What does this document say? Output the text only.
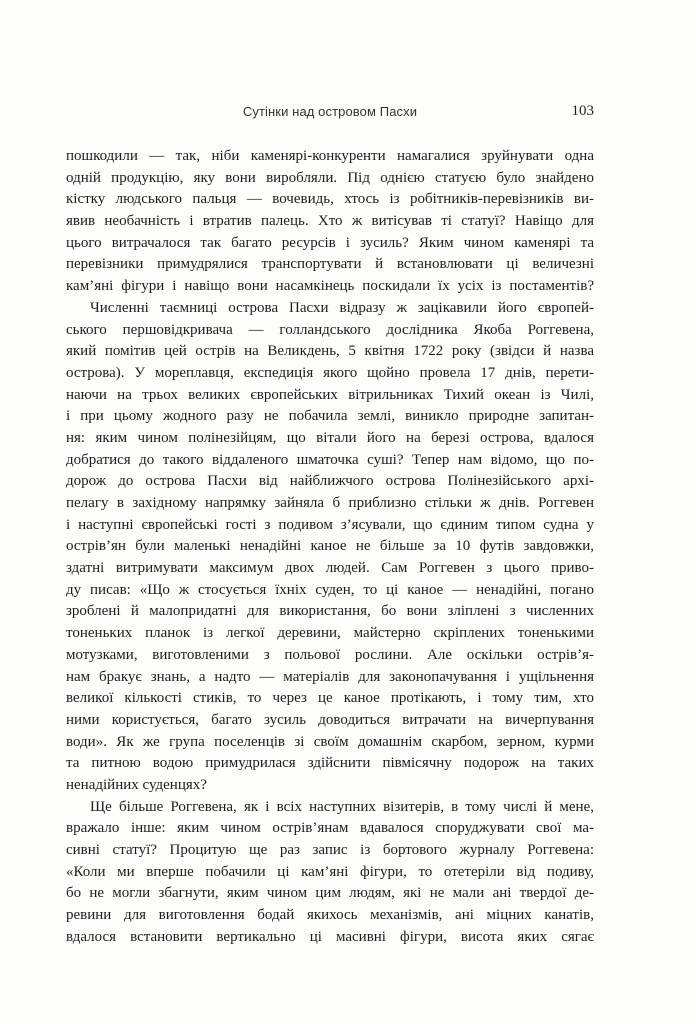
Сутінки над островом Пасхи	103
пошкодили — так, ніби каменярі-конкуренти намагалися зруйнувати одна
одній продукцію, яку вони виробляли. Під однією статуєю було знайдено
кістку людського пальця — вочевидь, хтось із робітників-перевізників ви-
явив необачність і втратив палець. Хто ж витісував ті статуї? Навіщо для
цього витрачалося так багато ресурсів і зусиль? Яким чином каменярі та
перевізники примудрялися транспортувати й встановлювати ці величезні
кам’яні фігури і навіщо вони насамкінець поскидали їх усіх із постаментів?
Численні таємниці острова Пасхи відразу ж зацікавили його європей-
ського першовідкривача — голландського дослідника Якоба Роггевена,
який помітив цей острів на Великдень, 5 квітня 1722 року (звідси й назва
острова). У мореплавця, експедиція якого щойно провела 17 днів, перети-
наючи на трьох великих європейських вітрильниках Тихий океан із Чилі,
і при цьому жодного разу не побачила землі, виникло природне запитан-
ня: яким чином полінезійцям, що вітали його на березі острова, вдалося
добратися до такого віддаленого шматочка суші? Тепер нам відомо, що по-
дорож до острова Пасхи від найближчого острова Полінезійського архі-
пелагу в західному напрямку зайняла б приблизно стільки ж днів. Роггевен
і наступні європейські гості з подивом з’ясували, що єдиним типом судна у
острів’ян були маленькі ненадійні каное не більше за 10 футів завдовжки,
здатні витримувати максимум двох людей. Сам Роггевен з цього приво-
ду писав: «Що ж стосується їхніх суден, то ці каное — ненадійні, погано
зроблені й малопридатні для використання, бо вони зліплені з численних
тоненьких планок із легкої деревини, майстерно скріплених тоненькими
мотузками, виготовленими з польової рослини. Але оскільки острів’я-
нам бракує знань, а надто — матеріалів для законопачування і ущільнення
великої кількості стиків, то через це каное протікають, і тому тим, хто
ними користується, багато зусиль доводиться витрачати на вичерпування
води». Як же група поселенців зі своїм домашнім скарбом, зерном, курми
та питною водою примудрилася здійснити півмісячну подорож на таких
ненадійних суденцях?
Ще більше Роггевена, як і всіх наступних візитерів, в тому числі й мене,
вражало інше: яким чином острів’янам вдавалося споруджувати свої ма-
сивні статуї? Процитую ще раз запис із бортового журналу Роггевена:
«Коли ми вперше побачили ці кам’яні фігури, то отетеріли від подиву,
бо не могли збагнути, яким чином цим людям, які не мали ані твердої де-
ревини для виготовлення бодай якихось механізмів, ані міцних канатів,
вдалося встановити вертикально ці масивні фігури, висота яких сягає
